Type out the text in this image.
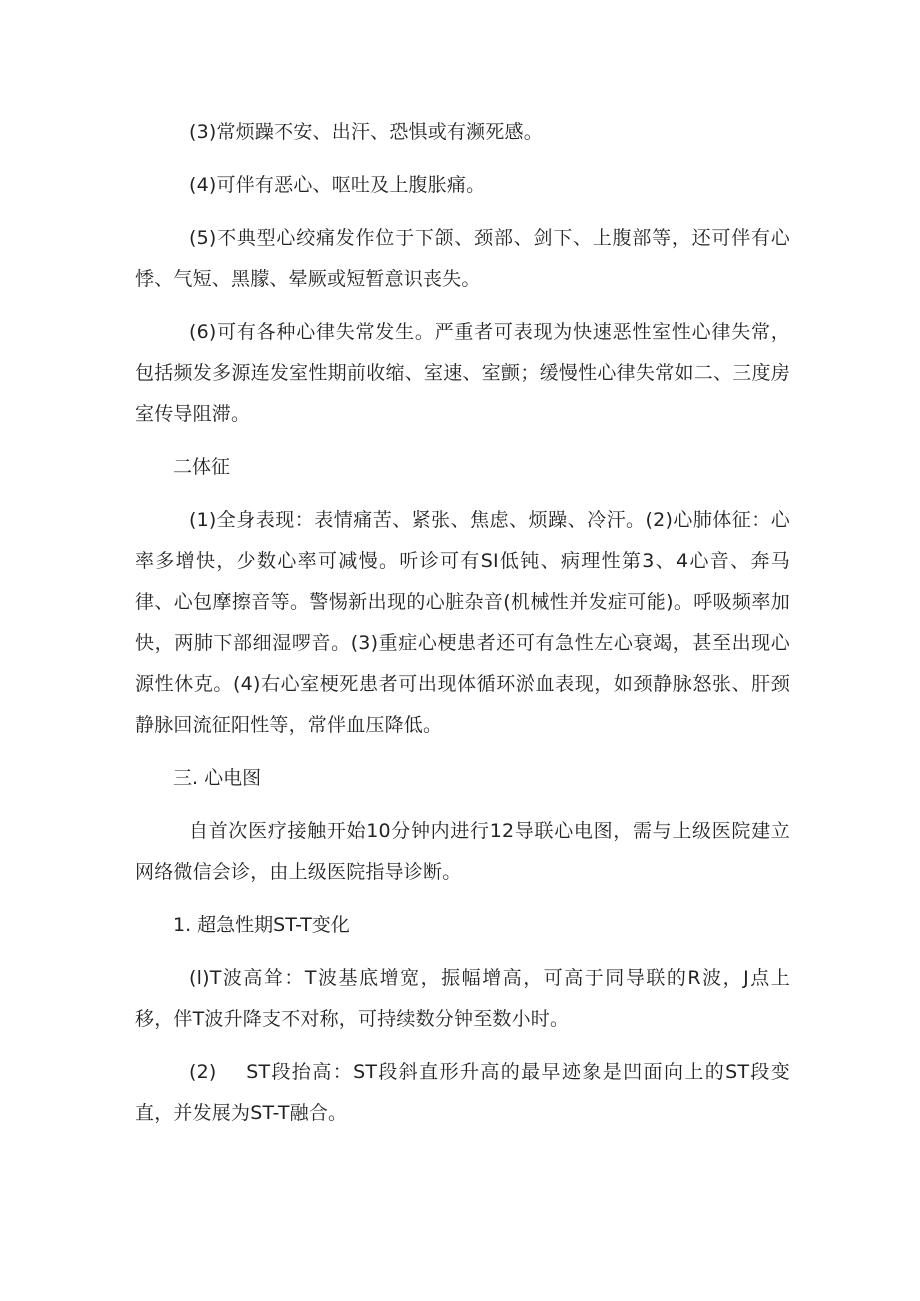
(3)常烦躁不安、出汗、恐惧或有濒死感。

(4)可伴有恶心、呕吐及上腹胀痛。

(5)不典型心绞痛发作位于下颌、颈部、剑下、上腹部等，还可伴有心悸、气短、黑朦、晕厥或短暂意识丧失。

(6)可有各种心律失常发生。严重者可表现为快速恶性室性心律失常，包括频发多源连发室性期前收缩、室速、室颤；缓慢性心律失常如二、三度房室传导阻滞。

二体征

(1)全身表现：表情痛苦、紧张、焦虑、烦躁、冷汗。(2)心肺体征：心率多增快，少数心率可减慢。听诊可有SI低钝、病理性第3、4心音、奔马律、心包摩擦音等。警惕新出现的心脏杂音(机械性并发症可能)。呼吸频率加快，两肺下部细湿啰音。(3)重症心梗患者还可有急性左心衰竭，甚至出现心源性休克。(4)右心室梗死患者可出现体循环淤血表现，如颈静脉怒张、肝颈静脉回流征阳性等，常伴血压降低。

三. 心电图

自首次医疗接触开始10分钟内进行12导联心电图，需与上级医院建立网络微信会诊，由上级医院指导诊断。

1. 超急性期ST-T变化

(l)T波高耸：T波基底增宽，振幅增高，可高于同导联的R波，J点上移，伴T波升降支不对称，可持续数分钟至数小时。

(2)    ST段抬高：ST段斜直形升高的最早迹象是凹面向上的ST段变直，并发展为ST-T融合。
